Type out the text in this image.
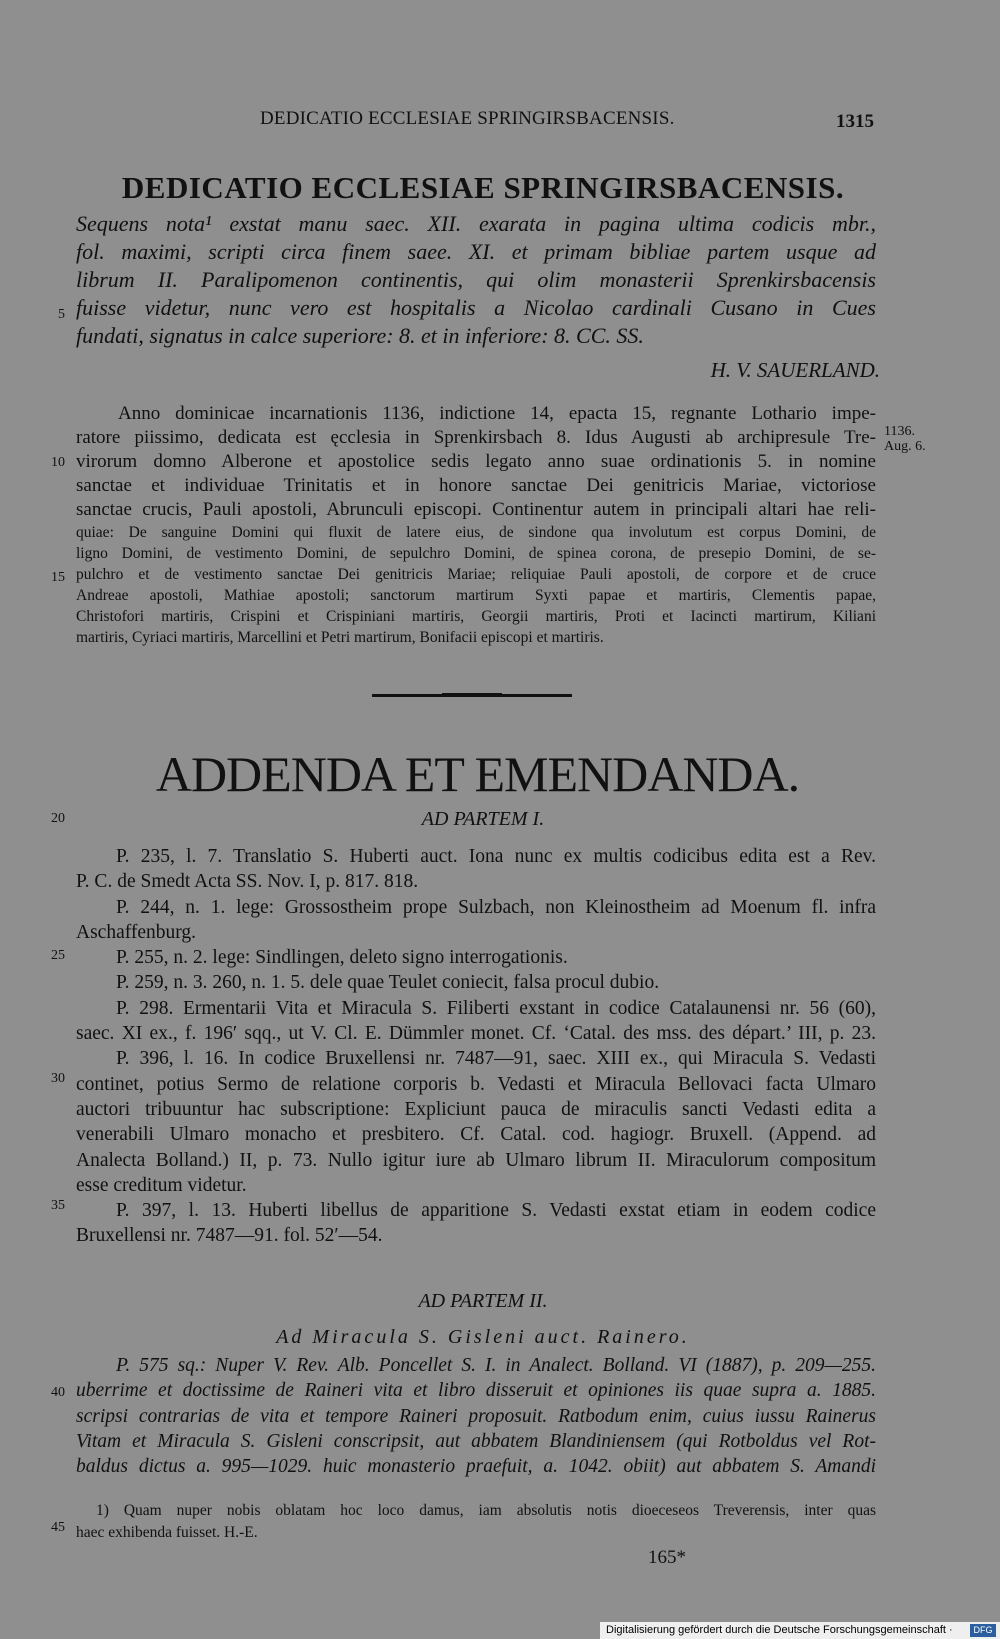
DEDICATIO ECCLESIAE SPRINGIRSBACENSIS.	1315
DEDICATIO ECCLESIAE SPRINGIRSBACENSIS.
Sequens nota¹ exstat manu saec. XII. exarata in pagina ultima codicis mbr.,
fol. maximi, scripti circa finem saee. XI. et primam bibliae partem usque ad
librum II. Paralipomenon continentis, qui olim monasterii Sprenkirsbacensis
fuisse videtur, nunc vero est hospitalis a Nicolao cardinali Cusano in Cues
fundati, signatus in calce superiore: 8. et in inferiore: 8. CC. SS.
H. V. SAUERLAND.
Anno dominicae incarnationis 1136, indictione 14, epacta 15, regnante Lothario impe-
ratore piissimo, dedicata est ęcclesia in Sprenkirsbach 8. Idus Augusti ab archipresule Tre-
virorum domno Alberone et apostolice sedis legato anno suae ordinationis 5. in nomine
sanctae et individuae Trinitatis et in honore sanctae Dei genitricis Mariae, victoriose
sanctae crucis, Pauli apostoli, Abrunculi episcopi. Continentur autem in principali altari hae reli-
quiae: De sanguine Domini qui fluxit de latere eius, de sindone qua involutum est corpus Domini, de
ligno Domini, de vestimento Domini, de sepulchro Domini, de spinea corona, de presepio Domini, de se-
pulchro et de vestimento sanctae Dei genitricis Mariae; reliquiae Pauli apostoli, de corpore et de cruce
Andreae apostoli, Mathiae apostoli; sanctorum martirum Syxti papae et martiris, Clementis papae,
Christofori martiris, Crispini et Crispiniani martiris, Georgii martiris, Proti et Iacincti martirum, Kiliani
martiris, Cyriaci martiris, Marcellini et Petri martirum, Bonifacii episcopi et martiris.
1136.
Aug. 6.
5
10
15
20
25
30
35
40
45
ADDENDA ET EMENDANDA.
AD PARTEM I.
P. 235, l. 7. Translatio S. Huberti auct. Iona nunc ex multis codicibus edita est a Rev.
P. C. de Smedt Acta SS. Nov. I, p. 817. 818.
P. 244, n. 1. lege: Grossostheim prope Sulzbach, non Kleinostheim ad Moenum fl. infra
Aschaffenburg.
P. 255, n. 2. lege: Sindlingen, deleto signo interrogationis.
P. 259, n. 3. 260, n. 1. 5. dele quae Teulet coniecit, falsa procul dubio.
P. 298. Ermentarii Vita et Miracula S. Filiberti exstant in codice Catalaunensi nr. 56 (60),
saec. XI ex., f. 196′ sqq., ut V. Cl. E. Dümmler monet. Cf. ‘Catal. des mss. des départ.’ III, p. 23.
P. 396, l. 16. In codice Bruxellensi nr. 7487—91, saec. XIII ex., qui Miracula S. Vedasti
continet, potius Sermo de relatione corporis b. Vedasti et Miracula Bellovaci facta Ulmaro
auctori tribuuntur hac subscriptione: Expliciunt pauca de miraculis sancti Vedasti edita a
venerabili Ulmaro monacho et presbitero. Cf. Catal. cod. hagiogr. Bruxell. (Append. ad
Analecta Bolland.) II, p. 73. Nullo igitur iure ab Ulmaro librum II. Miraculorum compositum
esse creditum videtur.
P. 397, l. 13. Huberti libellus de apparitione S. Vedasti exstat etiam in eodem codice
Bruxellensi nr. 7487—91. fol. 52′—54.
AD PARTEM II.
Ad Miracula S. Gisleni auct. Rainero.
P. 575 sq.: Nuper V. Rev. Alb. Poncellet S. I. in Analect. Bolland. VI (1887), p. 209—255.
uberrime et doctissime de Raineri vita et libro disseruit et opiniones iis quae supra a. 1885.
scripsi contrarias de vita et tempore Raineri proposuit. Ratbodum enim, cuius iussu Rainerus
Vitam et Miracula S. Gisleni conscripsit, aut abbatem Blandiniensem (qui Rotboldus vel Rot-
baldus dictus a. 995—1029. huic monasterio praefuit, a. 1042. obiit) aut abbatem S. Amandi
1) Quam nuper nobis oblatam hoc loco damus, iam absolutis notis dioeceseos Treverensis, inter quas
haec exhibenda fuisset. H.-E.
165*
Digitalisierung gefördert durch die Deutsche Forschungsgemeinschaft ·	DFG
